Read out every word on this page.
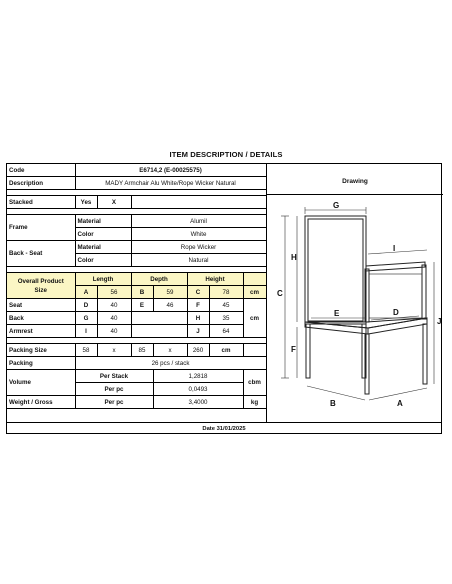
ITEM DESCRIPTION / DETAILS
Code	E6714,2 (E-00025575)						
Description	MADY Armchair Alu White/Rope Wicker Natural						

Stacked	Yes	X					

Frame	Material		Alumil				
	Color		White				
Back - Seat	Material		Rope Wicker				
	Color		Natural				

Overall Product
Size	Length		Depth		Height		
	A	56	B	59	C	78	cm
Seat	D	40	E	46	F	45	cm
Back	G	40			H	35	
Armrest	I	40			J	64	

Packing Size	58	x	85	x	260	cm	
Packing	26 pcs / stack						
Volume	Per Stack			1,2818			cbm
	Per pc			0,0493			
Weight / Gross	Per pc			3,4000			kg
Drawing
G
H
C
F
I
J
E	D
B	A
Date 31/01/2025
